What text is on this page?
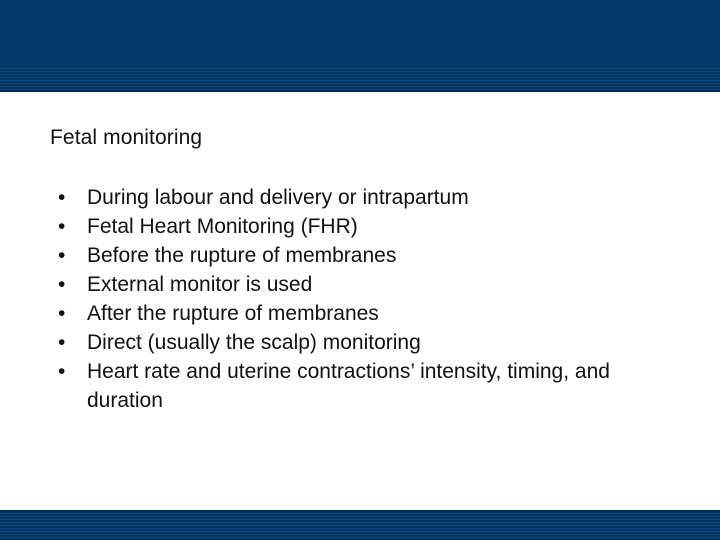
Fetal monitoring
•	During labour and delivery or intrapartum
•	Fetal Heart Monitoring (FHR)
•	Before the rupture of membranes
•	External monitor is used
•	After the rupture of membranes
•	Direct (usually the scalp) monitoring
•	Heart rate and uterine contractions’ intensity, timing, and duration
